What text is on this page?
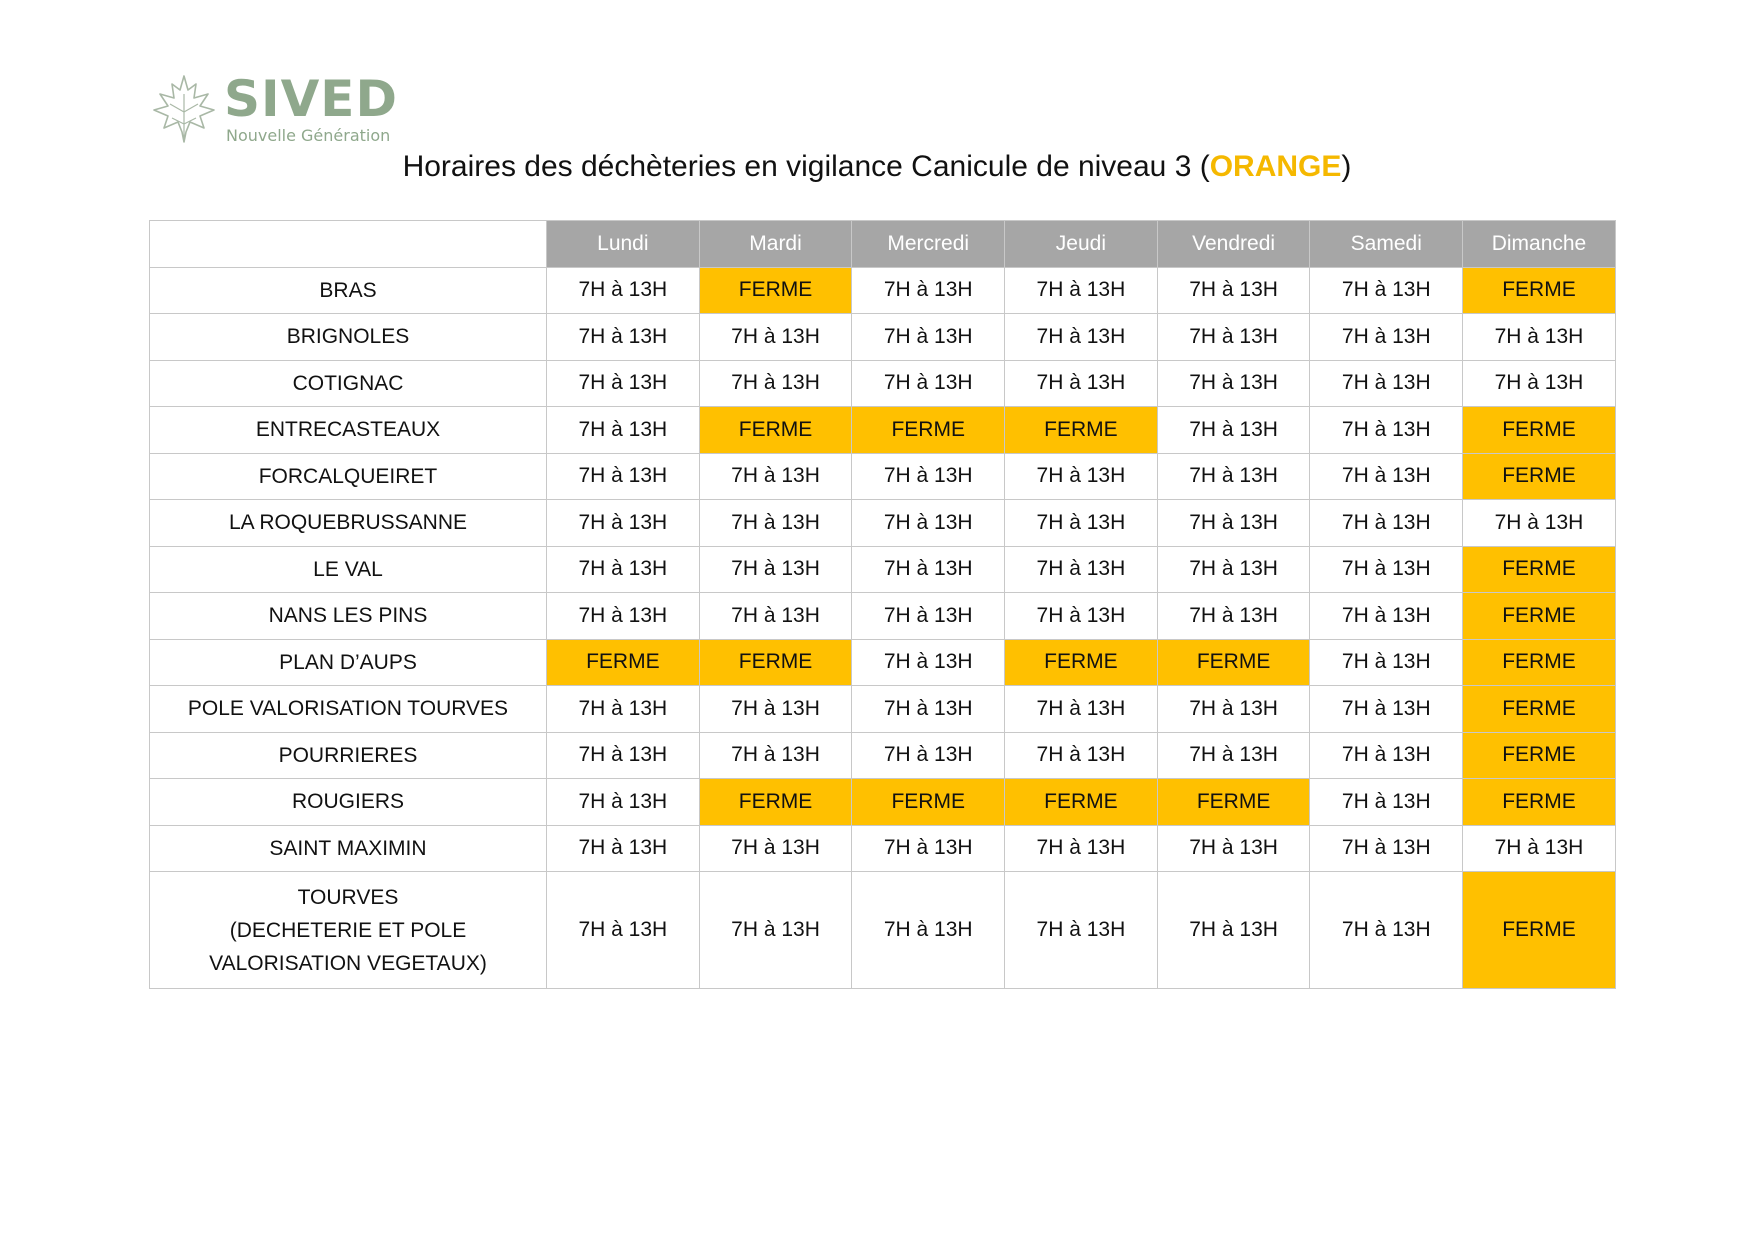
SIVED
Nouvelle Génération
Horaires des déchèteries en vigilance Canicule de niveau 3 (ORANGE)
	Lundi	Mardi	Mercredi	Jeudi	Vendredi	Samedi	Dimanche

BRAS	7H à 13H	FERME	7H à 13H	7H à 13H	7H à 13H	7H à 13H	FERME

BRIGNOLES	7H à 13H	7H à 13H	7H à 13H	7H à 13H	7H à 13H	7H à 13H	7H à 13H

COTIGNAC	7H à 13H	7H à 13H	7H à 13H	7H à 13H	7H à 13H	7H à 13H	7H à 13H

ENTRECASTEAUX	7H à 13H	FERME	FERME	FERME	7H à 13H	7H à 13H	FERME

FORCALQUEIRET	7H à 13H	7H à 13H	7H à 13H	7H à 13H	7H à 13H	7H à 13H	FERME

LA ROQUEBRUSSANNE	7H à 13H	7H à 13H	7H à 13H	7H à 13H	7H à 13H	7H à 13H	7H à 13H

LE VAL	7H à 13H	7H à 13H	7H à 13H	7H à 13H	7H à 13H	7H à 13H	FERME

NANS LES PINS	7H à 13H	7H à 13H	7H à 13H	7H à 13H	7H à 13H	7H à 13H	FERME

PLAN D’AUPS	FERME	FERME	7H à 13H	FERME	FERME	7H à 13H	FERME

POLE VALORISATION TOURVES	7H à 13H	7H à 13H	7H à 13H	7H à 13H	7H à 13H	7H à 13H	FERME

POURRIERES	7H à 13H	7H à 13H	7H à 13H	7H à 13H	7H à 13H	7H à 13H	FERME

ROUGIERS	7H à 13H	FERME	FERME	FERME	FERME	7H à 13H	FERME

SAINT MAXIMIN	7H à 13H	7H à 13H	7H à 13H	7H à 13H	7H à 13H	7H à 13H	7H à 13H

TOURVES
(DECHETERIE ET POLE
VALORISATION VEGETAUX)	7H à 13H	7H à 13H	7H à 13H	7H à 13H	7H à 13H	7H à 13H	FERME
